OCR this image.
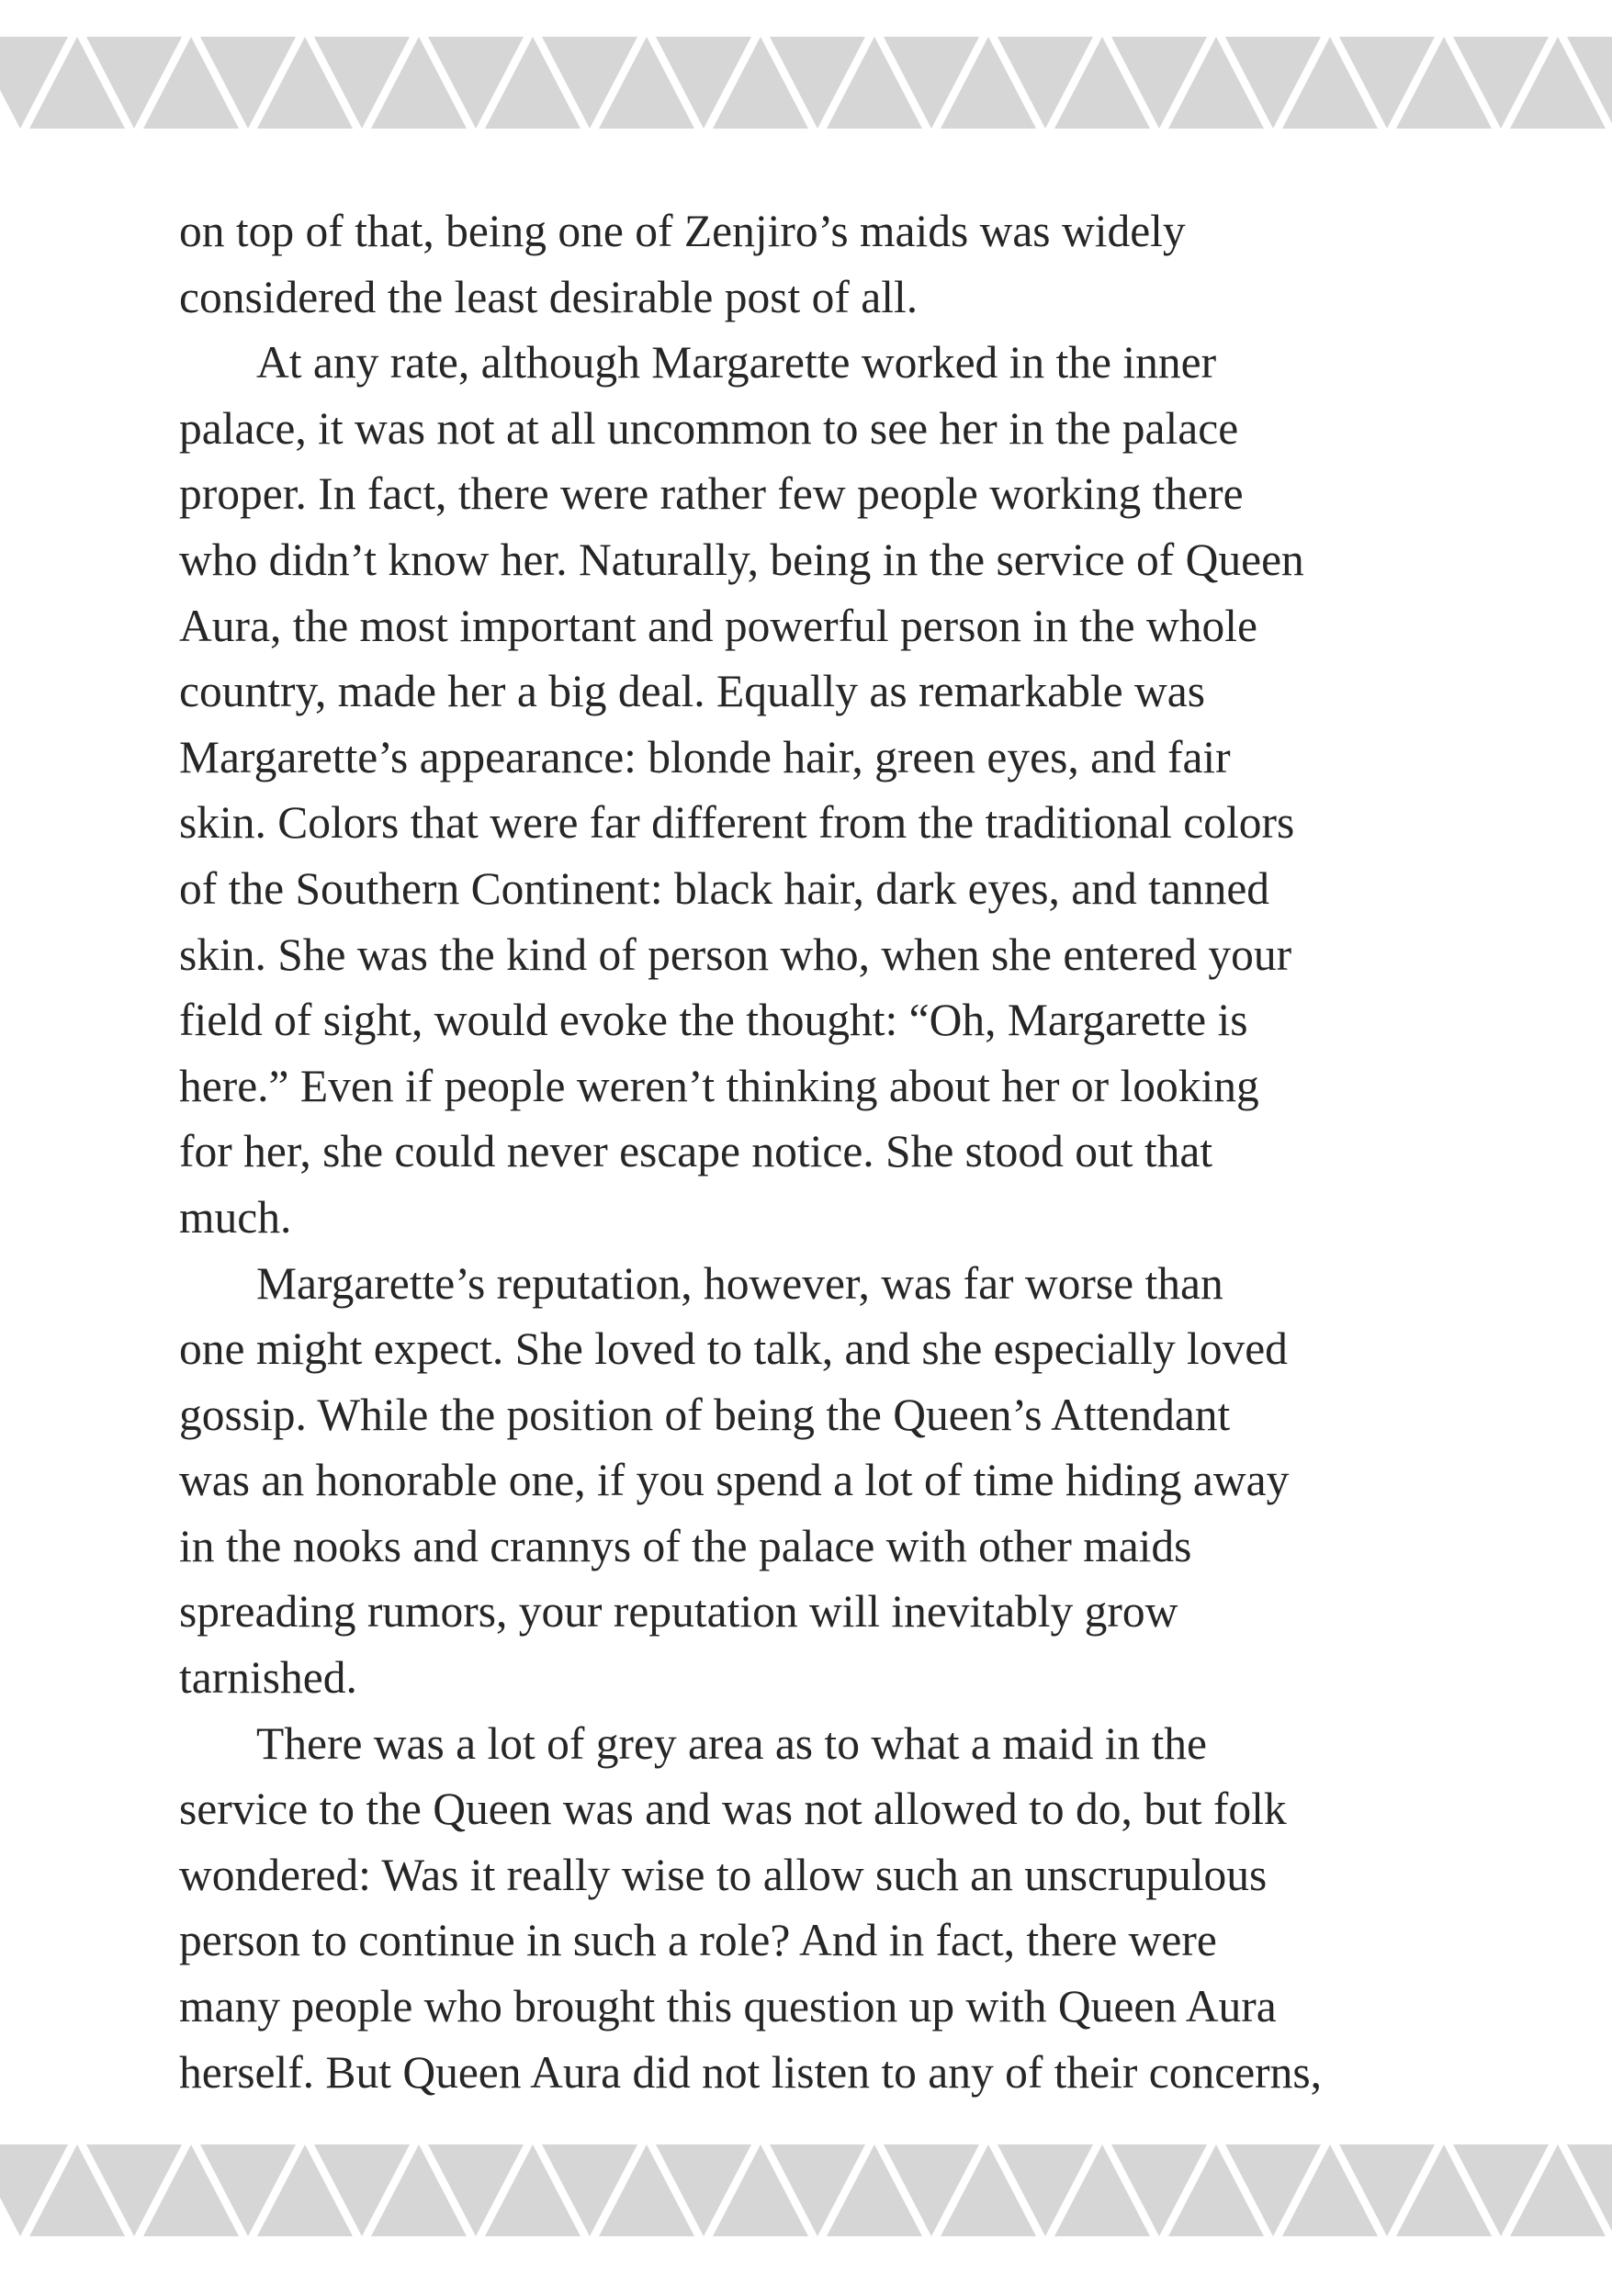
on top of that, being one of Zenjiro’s maids was widely
considered the least desirable post of all.
At any rate, although Margarette worked in the inner
palace, it was not at all uncommon to see her in the palace
proper. In fact, there were rather few people working there
who didn’t know her. Naturally, being in the service of Queen
Aura, the most important and powerful person in the whole
country, made her a big deal. Equally as remarkable was
Margarette’s appearance: blonde hair, green eyes, and fair
skin. Colors that were far different from the traditional colors
of the Southern Continent: black hair, dark eyes, and tanned
skin. She was the kind of person who, when she entered your
field of sight, would evoke the thought: “Oh, Margarette is
here.” Even if people weren’t thinking about her or looking
for her, she could never escape notice. She stood out that
much.
Margarette’s reputation, however, was far worse than
one might expect. She loved to talk, and she especially loved
gossip. While the position of being the Queen’s Attendant
was an honorable one, if you spend a lot of time hiding away
in the nooks and crannys of the palace with other maids
spreading rumors, your reputation will inevitably grow
tarnished.
There was a lot of grey area as to what a maid in the
service to the Queen was and was not allowed to do, but folk
wondered: Was it really wise to allow such an unscrupulous
person to continue in such a role? And in fact, there were
many people who brought this question up with Queen Aura
herself. But Queen Aura did not listen to any of their concerns,
